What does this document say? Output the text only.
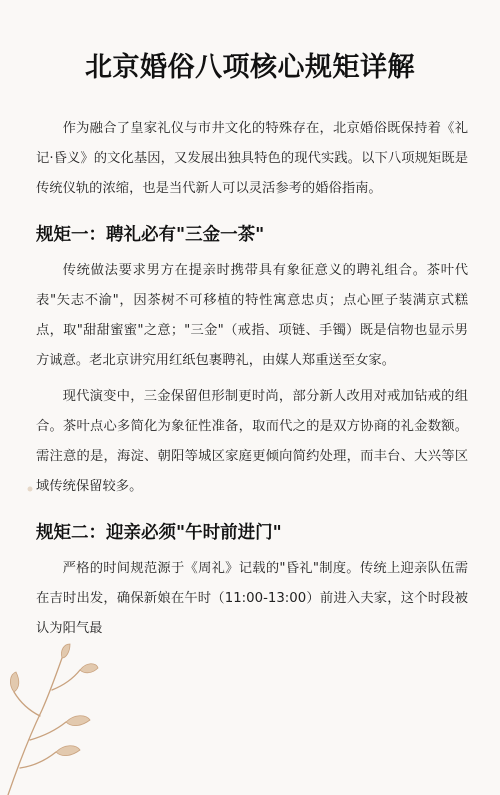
北京婚俗八项核心规矩详解

作为融合了皇家礼仪与市井文化的特殊存在，北京婚俗既保持着《礼记·昏义》的文化基因，又发展出独具特色的现代实践。以下八项规矩既是传统仪轨的浓缩，也是当代新人可以灵活参考的婚俗指南。

规矩一：聘礼必有"三金一茶"

传统做法要求男方在提亲时携带具有象征意义的聘礼组合。茶叶代表"矢志不渝"，因茶树不可移植的特性寓意忠贞；点心匣子装满京式糕点，取"甜甜蜜蜜"之意；"三金"（戒指、项链、手镯）既是信物也显示男方诚意。老北京讲究用红纸包裹聘礼，由媒人郑重送至女家。

现代演变中，三金保留但形制更时尚，部分新人改用对戒加钻戒的组合。茶叶点心多简化为象征性准备，取而代之的是双方协商的礼金数额。需注意的是，海淀、朝阳等城区家庭更倾向简约处理，而丰台、大兴等区域传统保留较多。

规矩二：迎亲必须"午时前进门"

严格的时间规范源于《周礼》记载的"昏礼"制度。传统上迎亲队伍需在吉时出发，确保新娘在午时（11:00-13:00）前进入夫家，这个时段被认为阳气最
